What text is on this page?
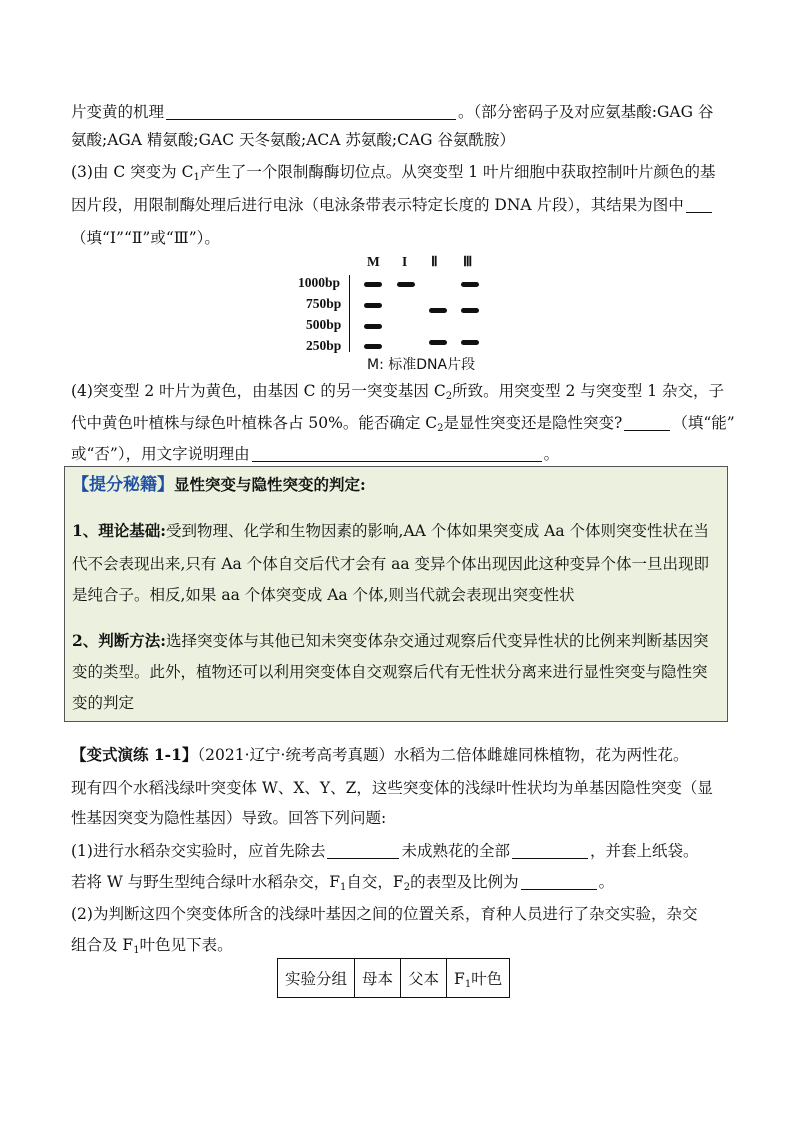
片变黄的机理	。（部分密码子及对应氨基酸:GAG 谷
氨酸;AGA 精氨酸;GAC 天冬氨酸;ACA 苏氨酸;CAG 谷氨酰胺）
(3)由 C 突变为 $C_1$产生了一个限制酶酶切位点。从突变型 1 叶片细胞中获取控制叶片颜色的基
因片段，用限制酶处理后进行电泳（电泳条带表示特定长度的 DNA 片段），其结果为图中
（填“I”“Ⅱ”或“Ⅲ”）。
M I Ⅱ Ⅲ
1000bp
750bp
500bp
250bp
M: 标准DNA片段
(4)突变型 2 叶片为黄色，由基因 C 的另一突变基因 $C_2$所致。用突变型 2 与突变型 1 杂交，子
代中黄色叶植株与绿色叶植株各占 50%。能否确定 $C_2$是显性突变还是隐性突变?	（填“能”
或“否”），用文字说明理由	。
【提分秘籍】显性突变与隐性突变的判定:
1、理论基础:受到物理、化学和生物因素的影响,AA 个体如果突变成 Aa 个体则突变性状在当
代不会表现出来,只有 Aa 个体自交后代才会有 aa 变异个体出现因此这种变异个体一旦出现即
是纯合子。相反,如果 aa 个体突变成 Aa 个体,则当代就会表现出突变性状
2、判断方法:选择突变体与其他已知未突变体杂交通过观察后代变异性状的比例来判断基因突
变的类型。此外，植物还可以利用突变体自交观察后代有无性状分离来进行显性突变与隐性突
变的判定
【变式演练 1-1】（2021·辽宁·统考高考真题）水稻为二倍体雌雄同株植物，花为两性花。
现有四个水稻浅绿叶突变体 W、X、Y、Z，这些突变体的浅绿叶性状均为单基因隐性突变（显
性基因突变为隐性基因）导致。回答下列问题:
(1)进行水稻杂交实验时，应首先除去	未成熟花的全部	，并套上纸袋。
若将 W 与野生型纯合绿叶水稻杂交，$F_1$自交，$F_2$的表型及比例为	。
(2)为判断这四个突变体所含的浅绿叶基因之间的位置关系，育种人员进行了杂交实验，杂交
组合及 $F_1$叶色见下表。
实验分组	母本	父本	$F_1$叶色
